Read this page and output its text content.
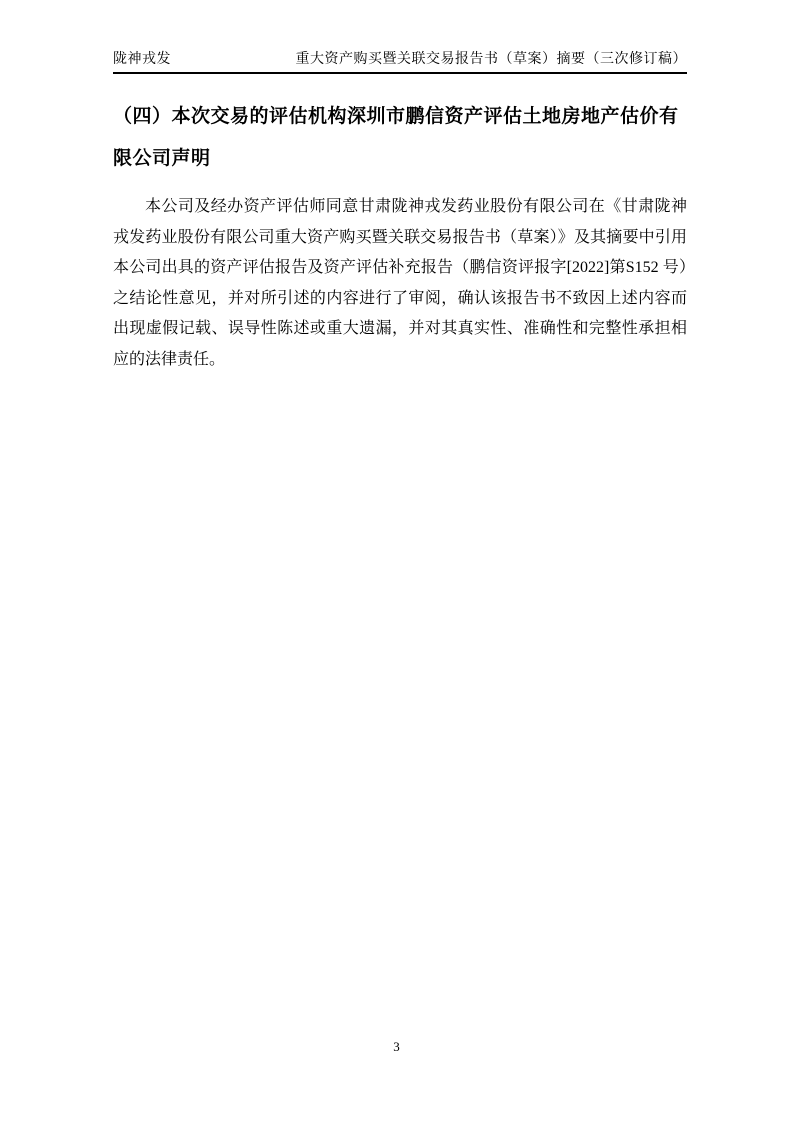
陇神戎发	重大资产购买暨关联交易报告书（草案）摘要（三次修订稿）
（四）本次交易的评估机构深圳市鹏信资产评估土地房地产估价有限公司声明

本公司及经办资产评估师同意甘肃陇神戎发药业股份有限公司在《甘肃陇神戎发药业股份有限公司重大资产购买暨关联交易报告书（草案）》及其摘要中引用本公司出具的资产评估报告及资产评估补充报告（鹏信资评报字[2022]第S152 号）之结论性意见，并对所引述的内容进行了审阅，确认该报告书不致因上述内容而出现虚假记载、误导性陈述或重大遗漏，并对其真实性、准确性和完整性承担相应的法律责任。

3
